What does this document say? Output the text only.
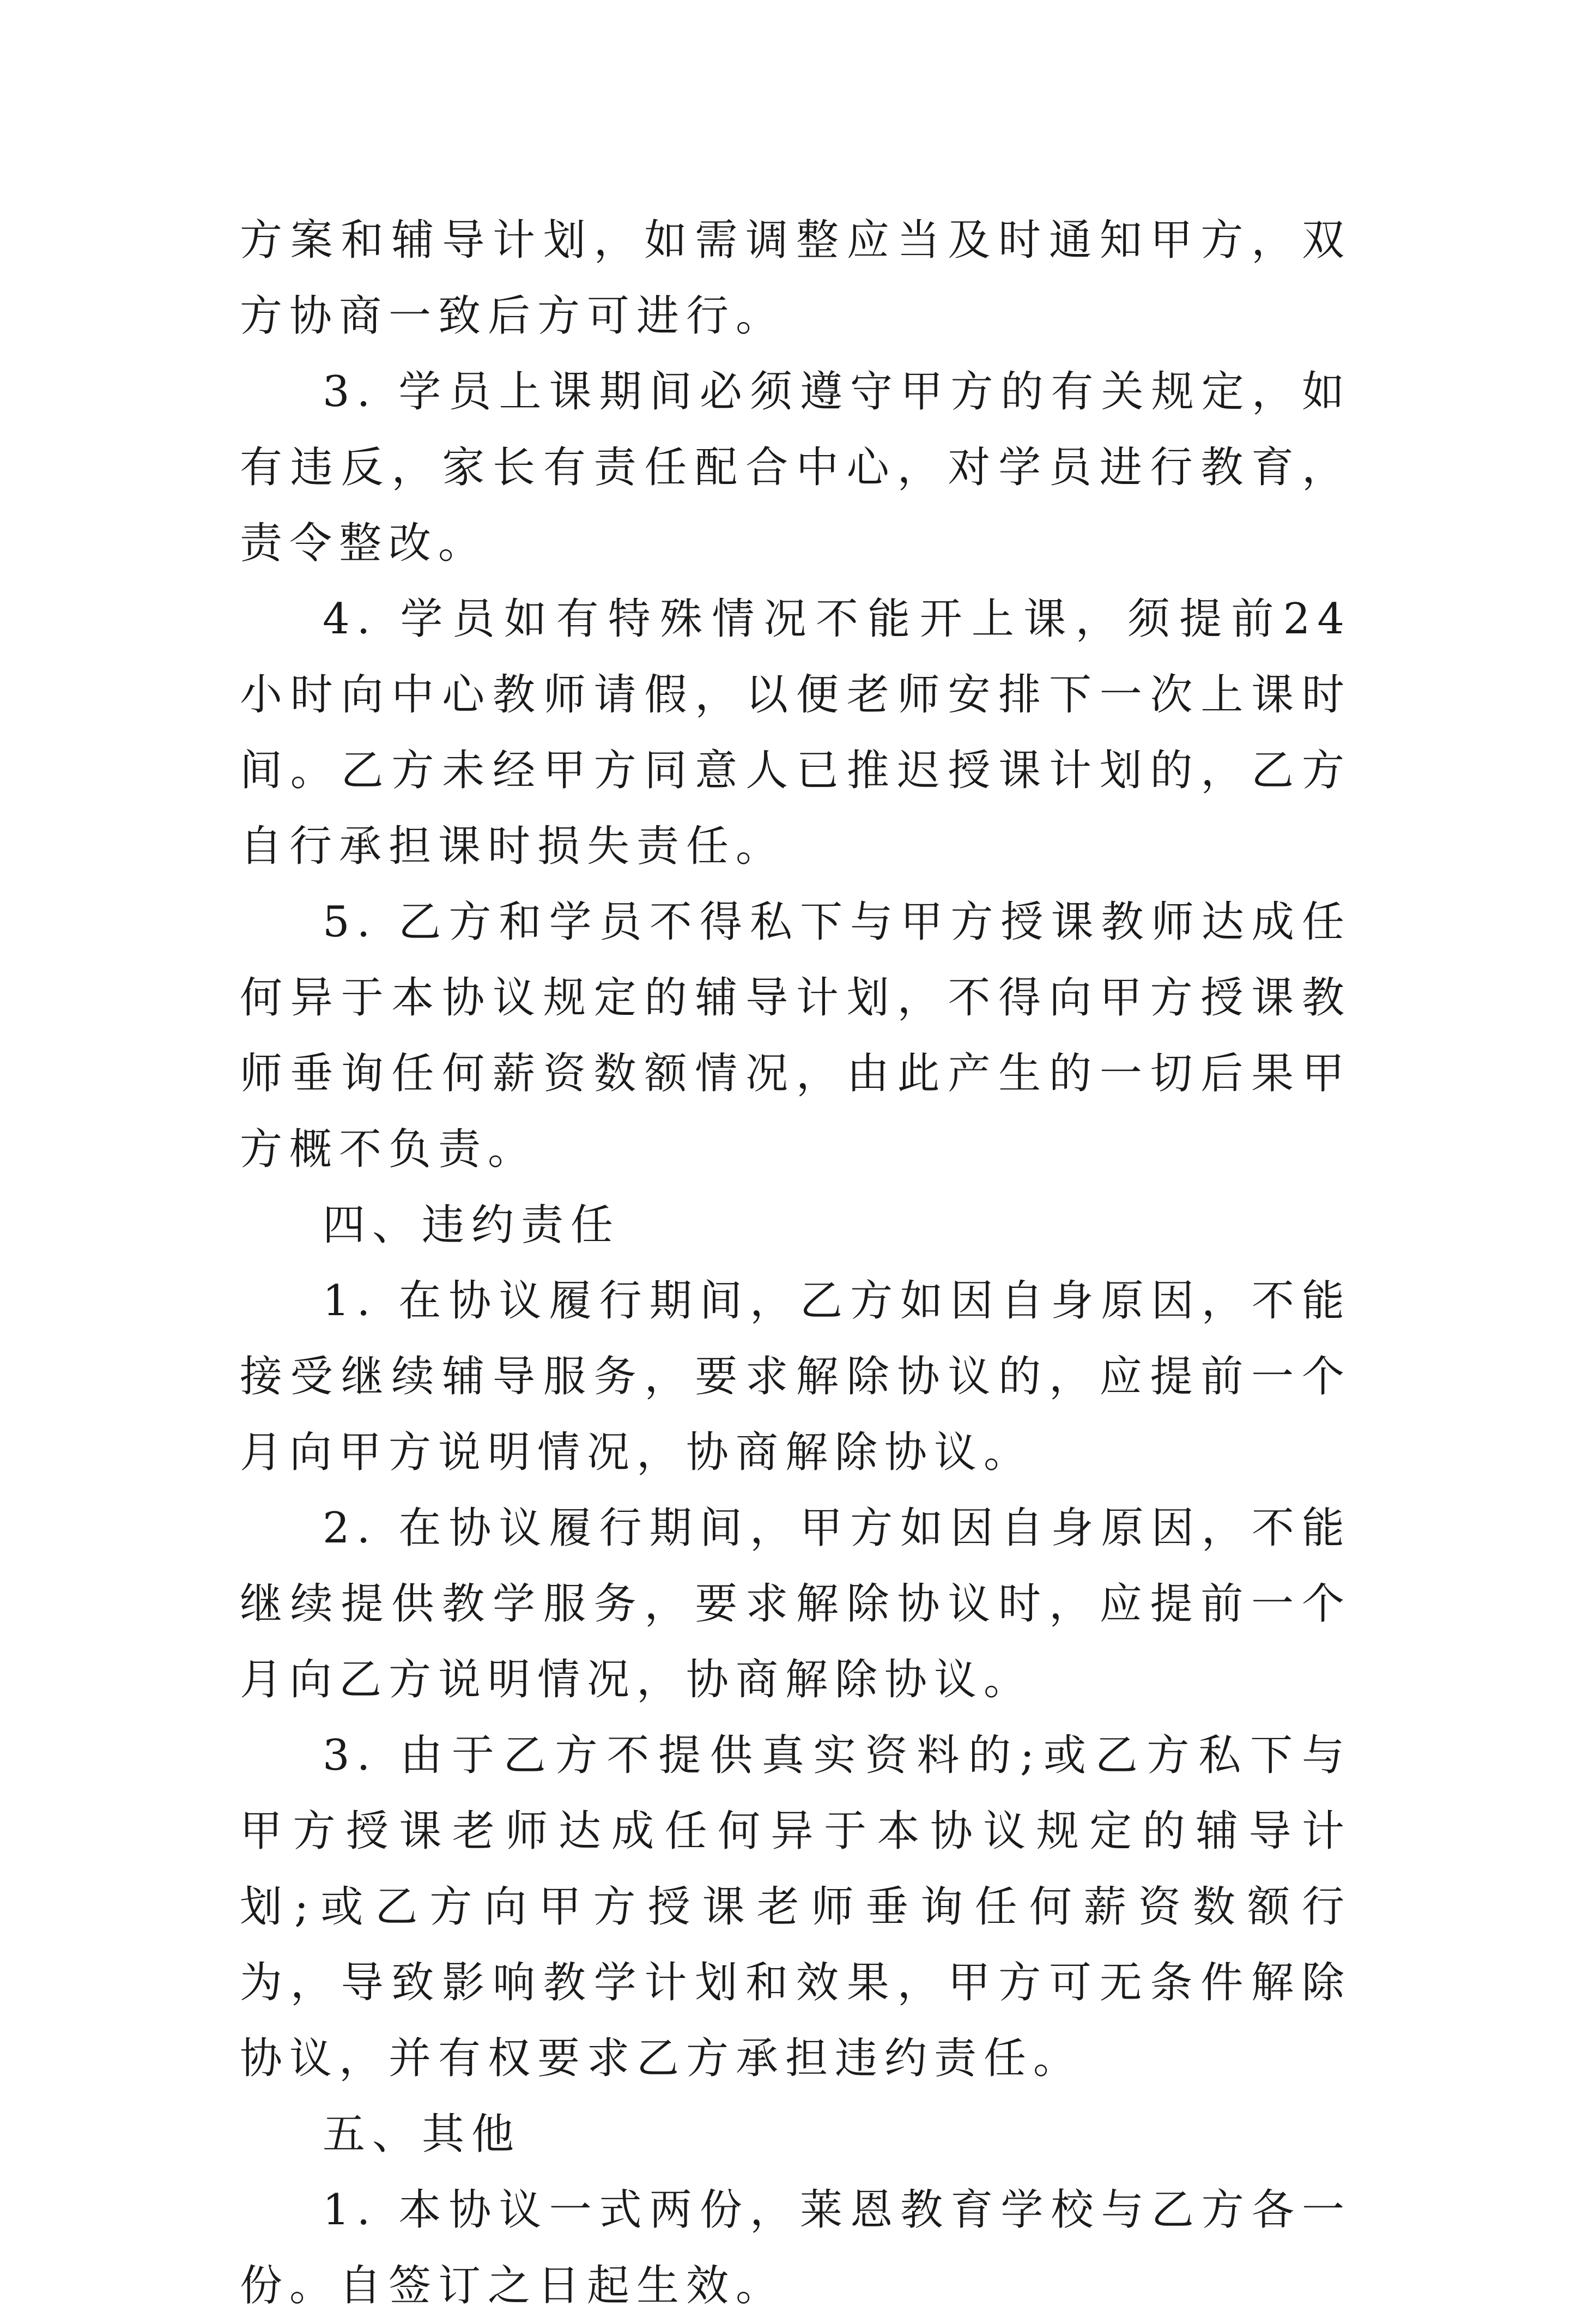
方案和辅导计划，如需调整应当及时通知甲方，双方协商一致后方可进行。

3. 学员上课期间必须遵守甲方的有关规定，如有违反，家长有责任配合中心，对学员进行教育，责令整改。

4. 学员如有特殊情况不能开上课，须提前24小时向中心教师请假，以便老师安排下一次上课时间。乙方未经甲方同意人已推迟授课计划的，乙方自行承担课时损失责任。

5. 乙方和学员不得私下与甲方授课教师达成任何异于本协议规定的辅导计划，不得向甲方授课教师垂询任何薪资数额情况，由此产生的一切后果甲方概不负责。

四、违约责任

1. 在协议履行期间，乙方如因自身原因，不能接受继续辅导服务，要求解除协议的，应提前一个月向甲方说明情况，协商解除协议。

2. 在协议履行期间，甲方如因自身原因，不能继续提供教学服务，要求解除协议时，应提前一个月向乙方说明情况，协商解除协议。

3. 由于乙方不提供真实资料的;或乙方私下与甲方授课老师达成任何异于本协议规定的辅导计划;或乙方向甲方授课老师垂询任何薪资数额行为，导致影响教学计划和效果，甲方可无条件解除协议，并有权要求乙方承担违约责任。

五、其他

1. 本协议一式两份，莱恩教育学校与乙方各一份。自签订之日起生效。
